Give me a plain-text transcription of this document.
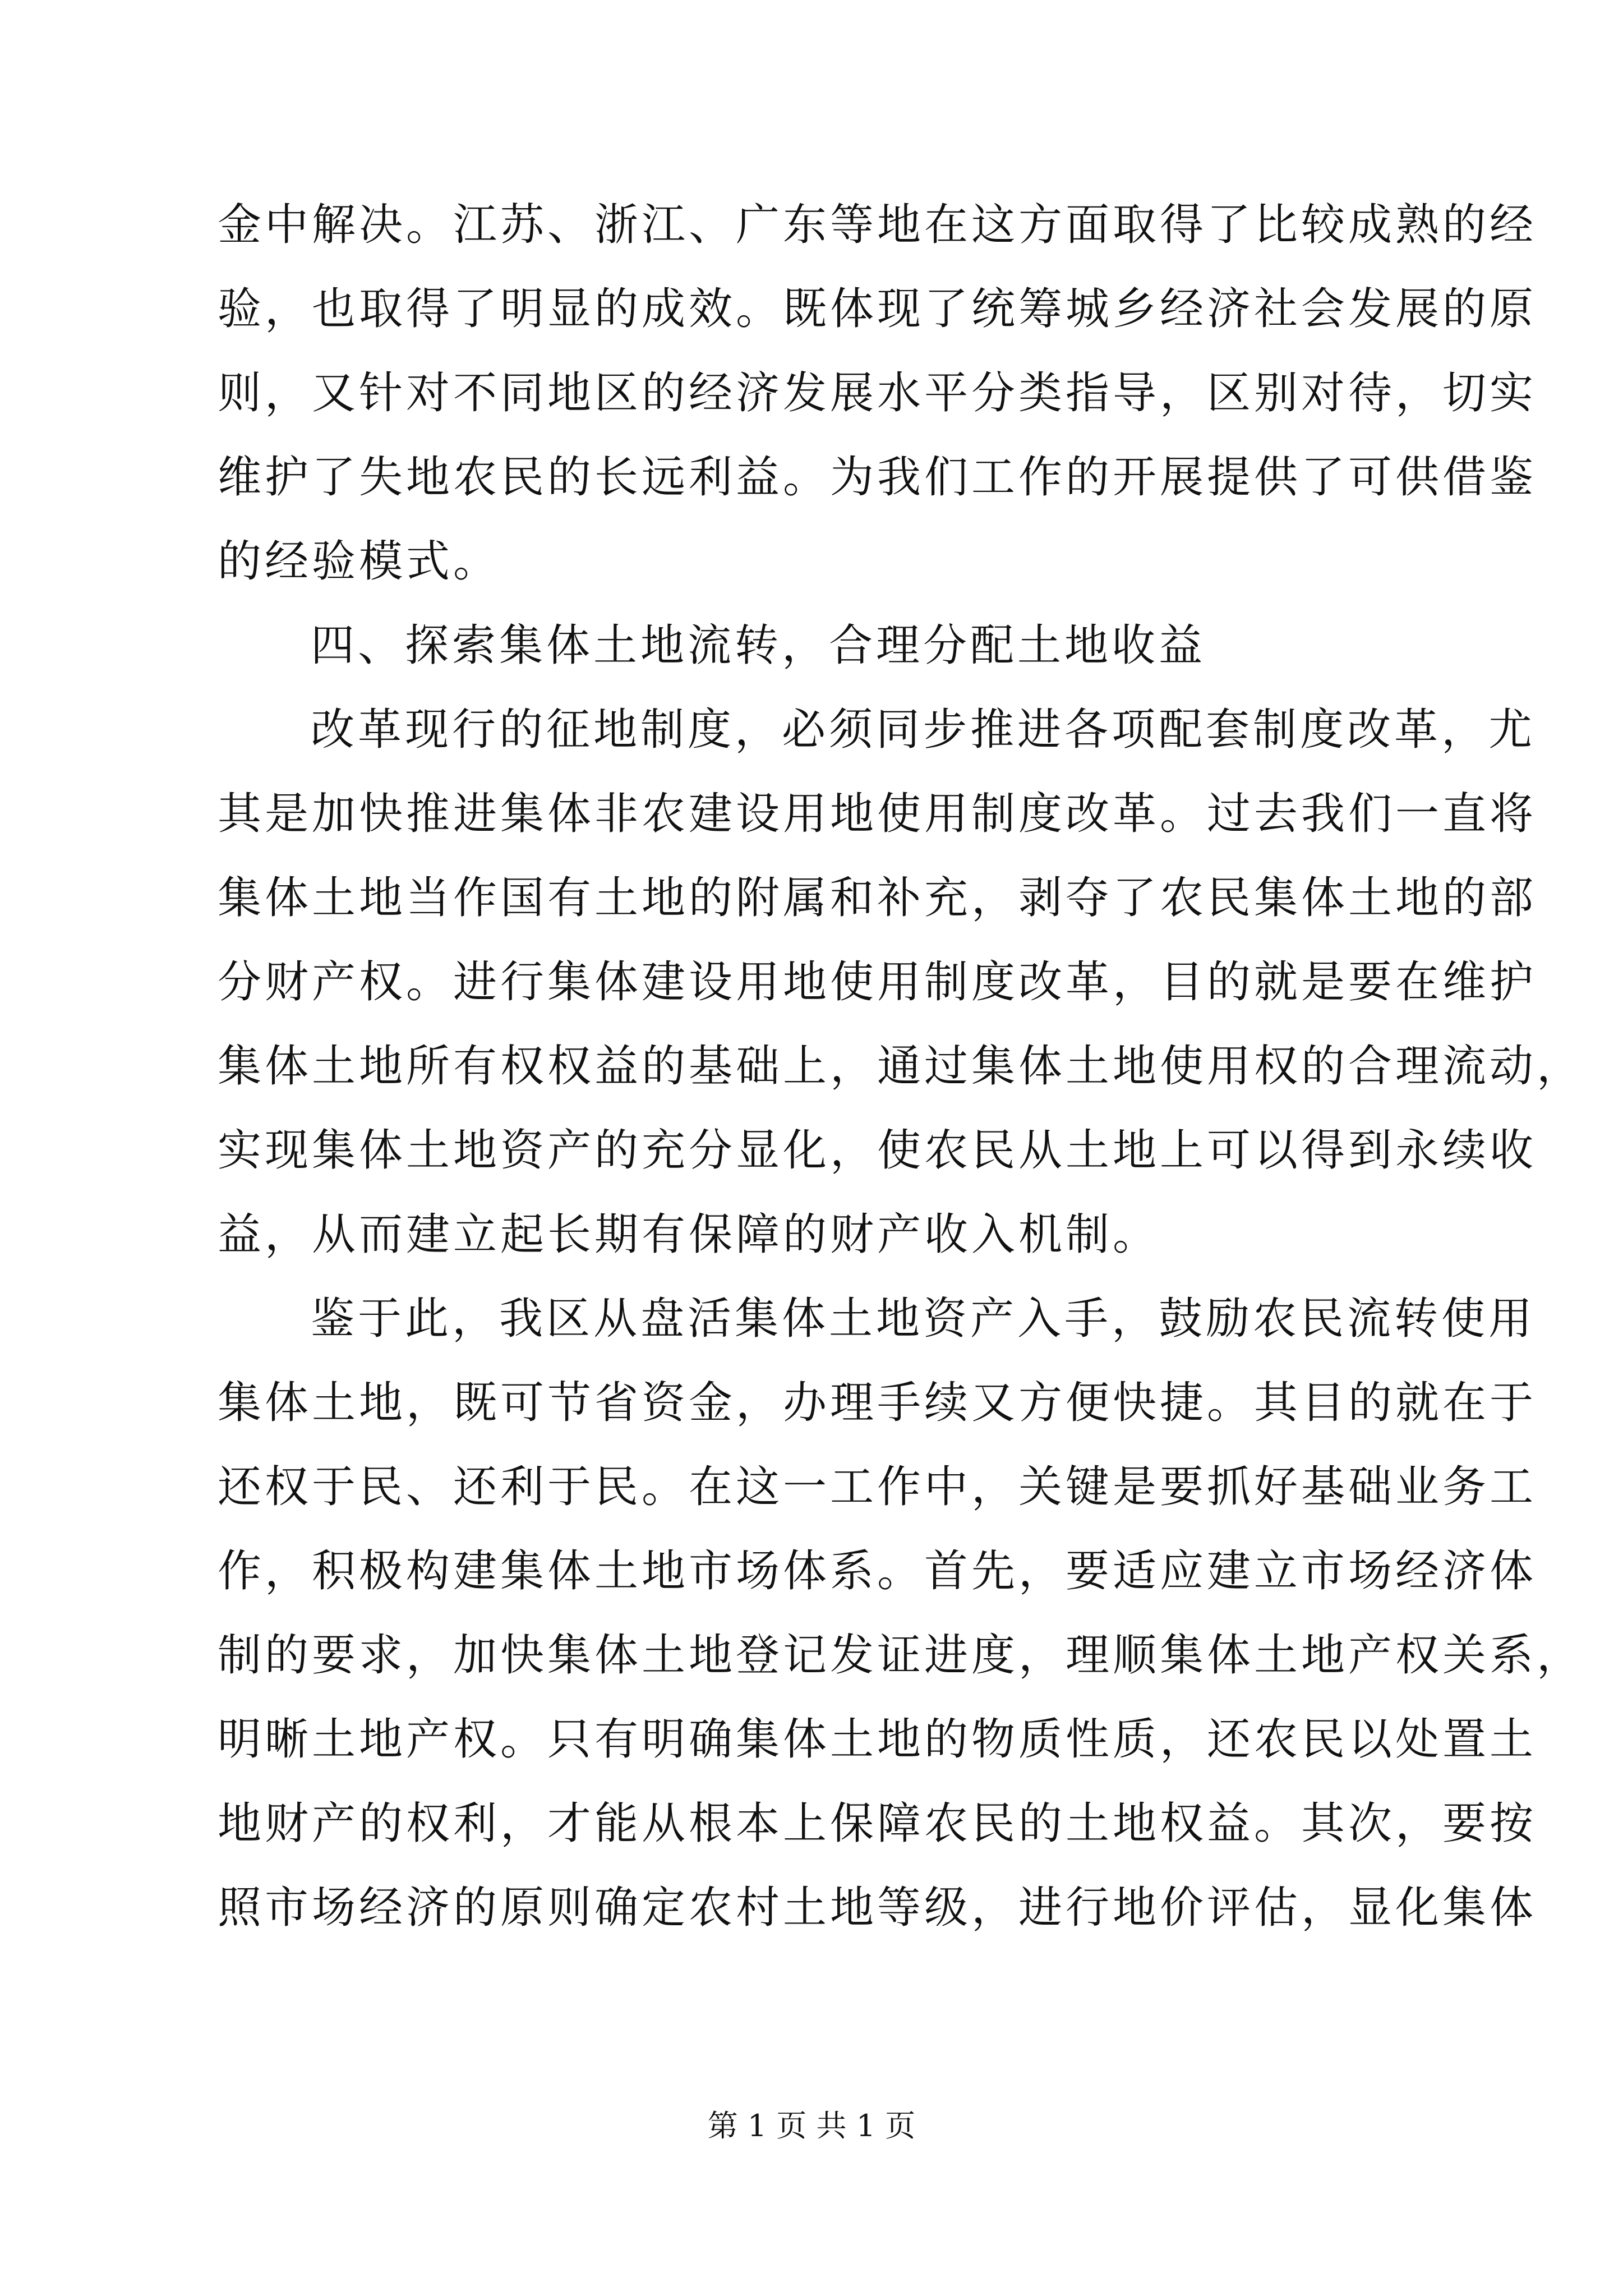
金中解决。江苏、浙江、广东等地在这方面取得了比较成熟的经
验，也取得了明显的成效。既体现了统筹城乡经济社会发展的原
则，又针对不同地区的经济发展水平分类指导，区别对待，切实
维护了失地农民的长远利益。为我们工作的开展提供了可供借鉴
的经验模式。
四、探索集体土地流转，合理分配土地收益
改革现行的征地制度，必须同步推进各项配套制度改革，尤
其是加快推进集体非农建设用地使用制度改革。过去我们一直将
集体土地当作国有土地的附属和补充，剥夺了农民集体土地的部
分财产权。进行集体建设用地使用制度改革，目的就是要在维护
集体土地所有权权益的基础上，通过集体土地使用权的合理流动，
实现集体土地资产的充分显化，使农民从土地上可以得到永续收
益，从而建立起长期有保障的财产收入机制。
鉴于此，我区从盘活集体土地资产入手，鼓励农民流转使用
集体土地，既可节省资金，办理手续又方便快捷。其目的就在于
还权于民、还利于民。在这一工作中，关键是要抓好基础业务工
作，积极构建集体土地市场体系。首先，要适应建立市场经济体
制的要求，加快集体土地登记发证进度，理顺集体土地产权关系，
明晰土地产权。只有明确集体土地的物质性质，还农民以处置土
地财产的权利，才能从根本上保障农民的土地权益。其次，要按
照市场经济的原则确定农村土地等级，进行地价评估，显化集体
第 1 页 共 1 页
